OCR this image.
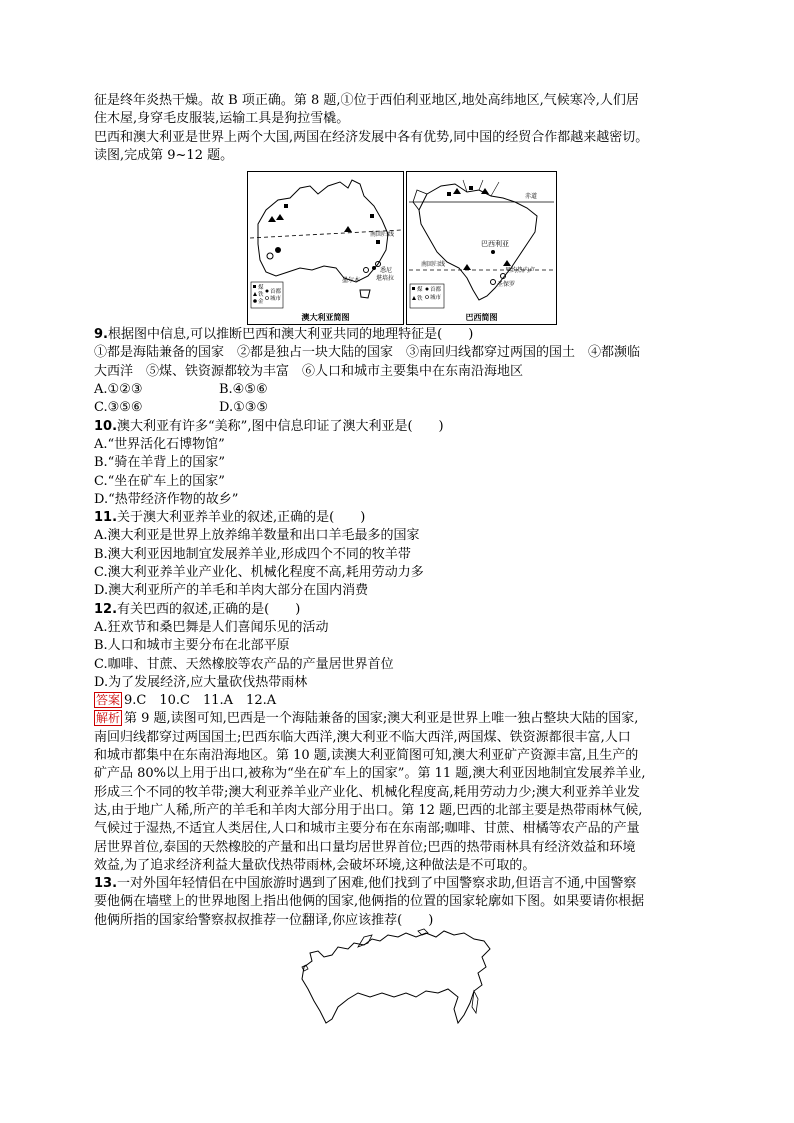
征是终年炎热干燥。故 B 项正确。第 8 题,①位于西伯利亚地区,地处高纬地区,气候寒冷,人们居
住木屋,身穿毛皮服装,运输工具是狗拉雪橇。
巴西和澳大利亚是世界上两个大国,两国在经济发展中各有优势,同中国的经贸合作都越来越密切。
读图,完成第 9~12 题。
9.根据图中信息,可以推断巴西和澳大利亚共同的地理特征是(　　)
①都是海陆兼备的国家　②都是独占一块大陆的国家　③南回归线都穿过两国的国土　④都濒临
大西洋　⑤煤、铁资源都较为丰富　⑥人口和城市主要集中在东南沿海地区
A.①②③	B.④⑤⑥
C.③⑤⑥	D.①③⑤
10.澳大利亚有许多“美称”,图中信息印证了澳大利亚是(　　)
A.“世界活化石博物馆”
B.“骑在羊背上的国家”
C.“坐在矿车上的国家”
D.“热带经济作物的故乡”
11.关于澳大利亚养羊业的叙述,正确的是(　　)
A.澳大利亚是世界上放养绵羊数量和出口羊毛最多的国家
B.澳大利亚因地制宜发展养羊业,形成四个不同的牧羊带
C.澳大利亚养羊业产业化、机械化程度不高,耗用劳动力多
D.澳大利亚所产的羊毛和羊肉大部分在国内消费
12.有关巴西的叙述,正确的是(　　)
A.狂欢节和桑巴舞是人们喜闻乐见的活动
B.人口和城市主要分布在北部平原
C.咖啡、甘蔗、天然橡胶等农产品的产量居世界首位
D.为了发展经济,应大量砍伐热带雨林
答案 9.C　10.C　11.A　12.A
解析 第 9 题,读图可知,巴西是一个海陆兼备的国家;澳大利亚是世界上唯一独占整块大陆的国家,
南回归线都穿过两国国土;巴西东临大西洋,澳大利亚不临大西洋,两国煤、铁资源都很丰富,人口
和城市都集中在东南沿海地区。第 10 题,读澳大利亚简图可知,澳大利亚矿产资源丰富,且生产的
矿产品 80%以上用于出口,被称为“坐在矿车上的国家”。第 11 题,澳大利亚因地制宜发展养羊业,
形成三个不同的牧羊带;澳大利亚养羊业产业化、机械化程度高,耗用劳动力少;澳大利亚养羊业发
达,由于地广人稀,所产的羊毛和羊肉大部分用于出口。第 12 题,巴西的北部主要是热带雨林气候,
气候过于湿热,不适宜人类居住,人口和城市主要分布在东南部;咖啡、甘蔗、柑橘等农产品的产量
居世界首位,泰国的天然橡胶的产量和出口量均居世界首位;巴西的热带雨林具有经济效益和环境
效益,为了追求经济利益大量砍伐热带雨林,会破坏环境,这种做法是不可取的。
13.一对外国年轻情侣在中国旅游时遇到了困难,他们找到了中国警察求助,但语言不通,中国警察
要他俩在墙壁上的世界地图上指出他俩的国家,他俩指的位置的国家轮廓如下图。如果要请你根据
他俩所指的国家给警察叔叔推荐一位翻译,你应该推荐(　　)
南回归线
墨尔本
悉尼
堪培拉
煤
铁
金
首都
城市
澳大利亚简图
赤道
巴西利亚
南回归线
里约热内卢
圣保罗
煤
铁
首都
城市
巴西简图
